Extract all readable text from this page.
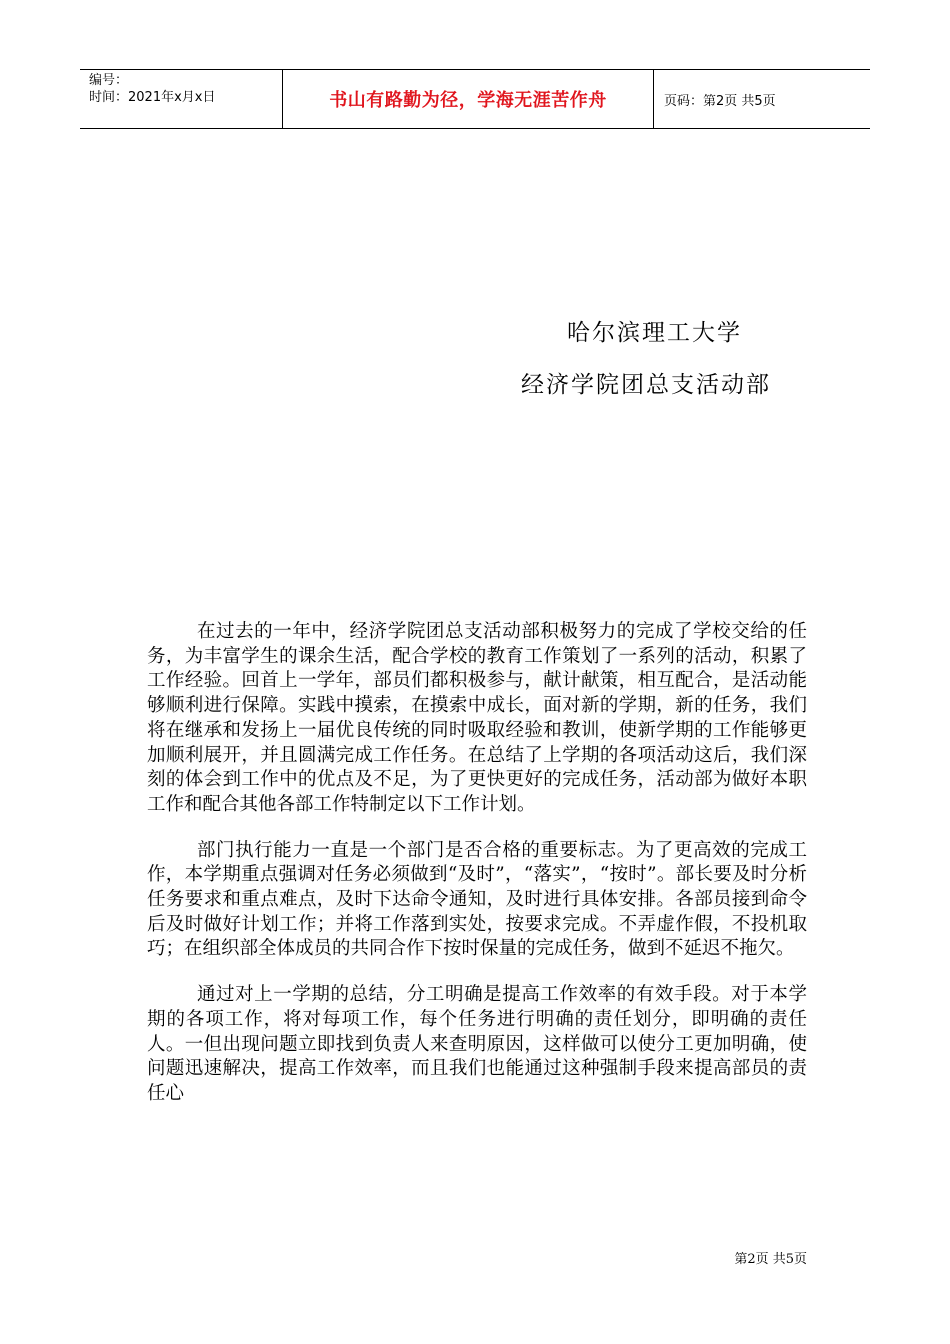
编号：
时间：2021年x月x日	书山有路勤为径，学海无涯苦作舟	页码：第2页 共5页
哈尔滨理工大学
经济学院团总支活动部

在过去的一年中，经济学院团总支活动部积极努力的完成了学校交给的任务，为丰富学生的课余生活，配合学校的教育工作策划了一系列的活动，积累了工作经验。回首上一学年，部员们都积极参与，献计献策，相互配合，是活动能够顺利进行保障。实践中摸索，在摸索中成长，面对新的学期，新的任务，我们将在继承和发扬上一届优良传统的同时吸取经验和教训，使新学期的工作能够更加顺利展开，并且圆满完成工作任务。在总结了上学期的各项活动这后，我们深刻的体会到工作中的优点及不足，为了更快更好的完成任务，活动部为做好本职工作和配合其他各部工作特制定以下工作计划。

部门执行能力一直是一个部门是否合格的重要标志。为了更高效的完成工作，本学期重点强调对任务必须做到“及时”，“落实”，“按时”。部长要及时分析任务要求和重点难点，及时下达命令通知，及时进行具体安排。各部员接到命令后及时做好计划工作；并将工作落到实处，按要求完成。不弄虚作假，不投机取巧；在组织部全体成员的共同合作下按时保量的完成任务，做到不延迟不拖欠。

通过对上一学期的总结，分工明确是提高工作效率的有效手段。对于本学期的各项工作，将对每项工作，每个任务进行明确的责任划分，即明确的责任人。一但出现问题立即找到负责人来查明原因，这样做可以使分工更加明确，使问题迅速解决，提高工作效率，而且我们也能通过这种强制手段来提高部员的责任心

第2页 共5页
